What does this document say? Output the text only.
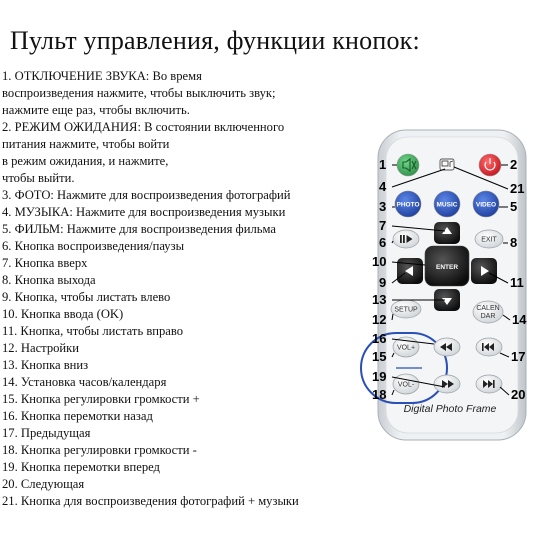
Пульт управления, функции кнопок:
1. ОТКЛЮЧЕНИЕ ЗВУКА: Во время
воспроизведения нажмите, чтобы выключить звук;
нажмите еще раз, чтобы включить.
2. РЕЖИМ ОЖИДАНИЯ: В состоянии включенного
питания нажмите, чтобы войти
в режим ожидания, и нажмите,
чтобы выйти.
3. ФОТО: Нажмите для воспроизведения фотографий
4. МУЗЫКА: Нажмите для воспроизведения музыки
5. ФИЛЬМ: Нажмите для воспроизведения фильма
6. Кнопка воспроизведения/паузы
7. Кнопка вверх
8. Кнопка выхода
9. Кнопка, чтобы листать влево
10. Кнопка ввода (OK)
11. Кнопка, чтобы листать вправо
12. Настройки
13. Кнопка вниз
14. Установка часов/календаря
15. Кнопка регулировки громкости +
16. Кнопка перемотки назад
17. Предыдущая
18. Кнопка регулировки громкости -
19. Кнопка перемотки вперед
20. Следующая
21. Кнопка для воспроизведения фотографий + музыки
PHOTO	MUSIC	VIDEO
EXIT
ENTER
SETUP	CALEN
DAR
VOL+
VOL-
Digital Photo Frame
1	2
4	21
3	5
7
6	8
10
9	11
13
12	14
16
15	17
19
18	20
